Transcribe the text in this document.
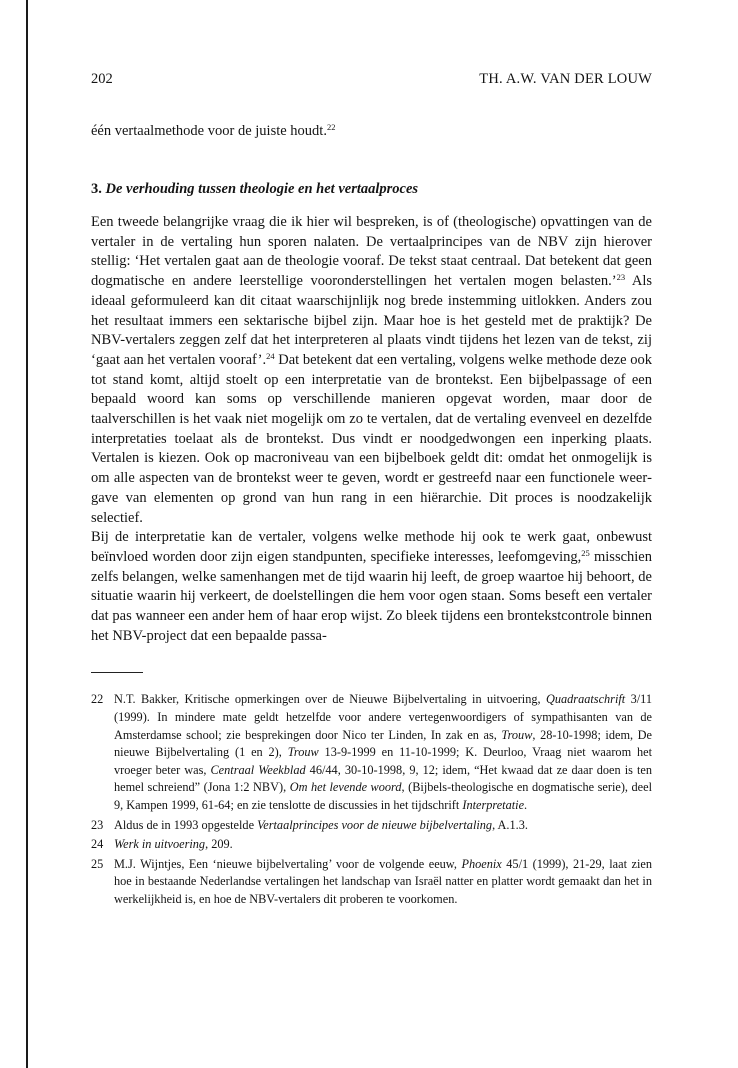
202	TH. A.W. VAN DER LOUW
één vertaalmethode voor de juiste houdt.$^{22}$
3. De verhouding tussen theologie en het vertaalproces

Een tweede belangrijke vraag die ik hier wil bespreken, is of (theologische) opvattingen van de vertaler in de vertaling hun sporen nalaten. De vertaalprincipes van de NBV zijn hierover stellig: ‘Het vertalen gaat aan de theologie vooraf. De tekst staat centraal. Dat betekent dat geen dogmatische en andere leerstellige vooronderstellingen het vertalen mogen belasten.’$^{23}$ Als ideaal geformuleerd kan dit citaat waarschijnlijk nog brede instemming uitlokken. Anders zou het resultaat immers een sektarische bijbel zijn. Maar hoe is het gesteld met de praktijk? De NBV-vertalers zeggen zelf dat het interpreteren al plaats vindt tijdens het lezen van de tekst, zij ‘gaat aan het vertalen vooraf’.$^{24}$ Dat betekent dat een vertaling, volgens welke methode deze ook tot stand komt, altijd stoelt op een interpretatie van de brontekst. Een bijbelpassage of een bepaald woord kan soms op verschillende manieren opgevat worden, maar door de taalverschillen is het vaak niet mogelijk om zo te vertalen, dat de vertaling evenveel en dezelfde interpretaties toelaat als de brontekst. Dus vindt er noodgedwongen een inperking plaats. Vertalen is kiezen. Ook op macroniveau van een bijbelboek geldt dit: omdat het onmogelijk is om alle aspecten van de brontekst weer te geven, wordt er gestreefd naar een functionele weergave van elementen op grond van hun rang in een hiërarchie. Dit proces is noodzakelijk selectief.

Bij de interpretatie kan de vertaler, volgens welke methode hij ook te werk gaat, onbewust beïnvloed worden door zijn eigen standpunten, specifieke interesses, leefomgeving,$^{25}$ misschien zelfs belangen, welke samenhangen met de tijd waarin hij leeft, de groep waartoe hij behoort, de situatie waarin hij verkeert, de doelstellingen die hem voor ogen staan. Soms beseft een vertaler dat pas wanneer een ander hem of haar erop wijst. Zo bleek tijdens een brontekstcontrole binnen het NBV-project dat een bepaalde passa-

22 N.T. Bakker, Kritische opmerkingen over de Nieuwe Bijbelvertaling in uitvoering, Quadraatschrift 3/11 (1999). In mindere mate geldt hetzelfde voor andere vertegenwoordigers of sympathisanten van de Amsterdamse school; zie besprekingen door Nico ter Linden, In zak en as, Trouw, 28-10-1998; idem, De nieuwe Bijbelvertaling (1 en 2), Trouw 13-9-1999 en 11-10-1999; K. Deurloo, Vraag niet waarom het vroeger beter was, Centraal Weekblad 46/44, 30-10-1998, 9, 12; idem, “Het kwaad dat ze daar doen is ten hemel schreiend” (Jona 1:2 NBV), Om het levende woord, (Bijbels-theologische en dogmatische serie), deel 9, Kampen 1999, 61-64; en zie tenslotte de discussies in het tijdschrift Interpretatie.
23 Aldus de in 1993 opgestelde Vertaalprincipes voor de nieuwe bijbelvertaling, A.1.3.
24 Werk in uitvoering, 209.
25 M.J. Wijntjes, Een ‘nieuwe bijbelvertaling’ voor de volgende eeuw, Phoenix 45/1 (1999), 21-29, laat zien hoe in bestaande Nederlandse vertalingen het landschap van Israël natter en platter wordt gemaakt dan het in werkelijkheid is, en hoe de NBV-vertalers dit proberen te voorkomen.
